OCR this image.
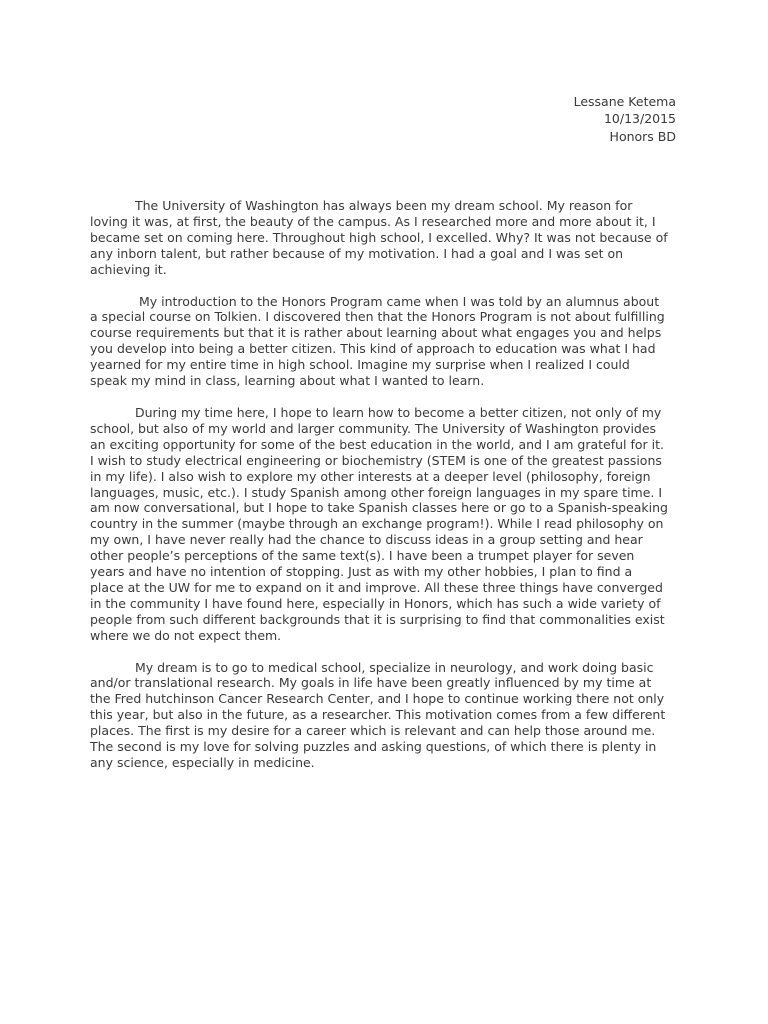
Lessane Ketema
10/13/2015
Honors BD

The University of Washington has always been my dream school. My reason for
loving it was, at first, the beauty of the campus. As I researched more and more about it, I
became set on coming here. Throughout high school, I excelled. Why? It was not because of
any inborn talent, but rather because of my motivation. I had a goal and I was set on
achieving it.

My introduction to the Honors Program came when I was told by an alumnus about
a special course on Tolkien. I discovered then that the Honors Program is not about fulfilling
course requirements but that it is rather about learning about what engages you and helps
you develop into being a better citizen. This kind of approach to education was what I had
yearned for my entire time in high school. Imagine my surprise when I realized I could
speak my mind in class, learning about what I wanted to learn.

During my time here, I hope to learn how to become a better citizen, not only of my
school, but also of my world and larger community. The University of Washington provides
an exciting opportunity for some of the best education in the world, and I am grateful for it.
I wish to study electrical engineering or biochemistry (STEM is one of the greatest passions
in my life). I also wish to explore my other interests at a deeper level (philosophy, foreign
languages, music, etc.). I study Spanish among other foreign languages in my spare time. I
am now conversational, but I hope to take Spanish classes here or go to a Spanish-speaking
country in the summer (maybe through an exchange program!). While I read philosophy on
my own, I have never really had the chance to discuss ideas in a group setting and hear
other people’s perceptions of the same text(s). I have been a trumpet player for seven
years and have no intention of stopping. Just as with my other hobbies, I plan to find a
place at the UW for me to expand on it and improve. All these three things have converged
in the community I have found here, especially in Honors, which has such a wide variety of
people from such different backgrounds that it is surprising to find that commonalities exist
where we do not expect them.

My dream is to go to medical school, specialize in neurology, and work doing basic
and/or translational research. My goals in life have been greatly influenced by my time at
the Fred hutchinson Cancer Research Center, and I hope to continue working there not only
this year, but also in the future, as a researcher. This motivation comes from a few different
places. The first is my desire for a career which is relevant and can help those around me.
The second is my love for solving puzzles and asking questions, of which there is plenty in
any science, especially in medicine.
